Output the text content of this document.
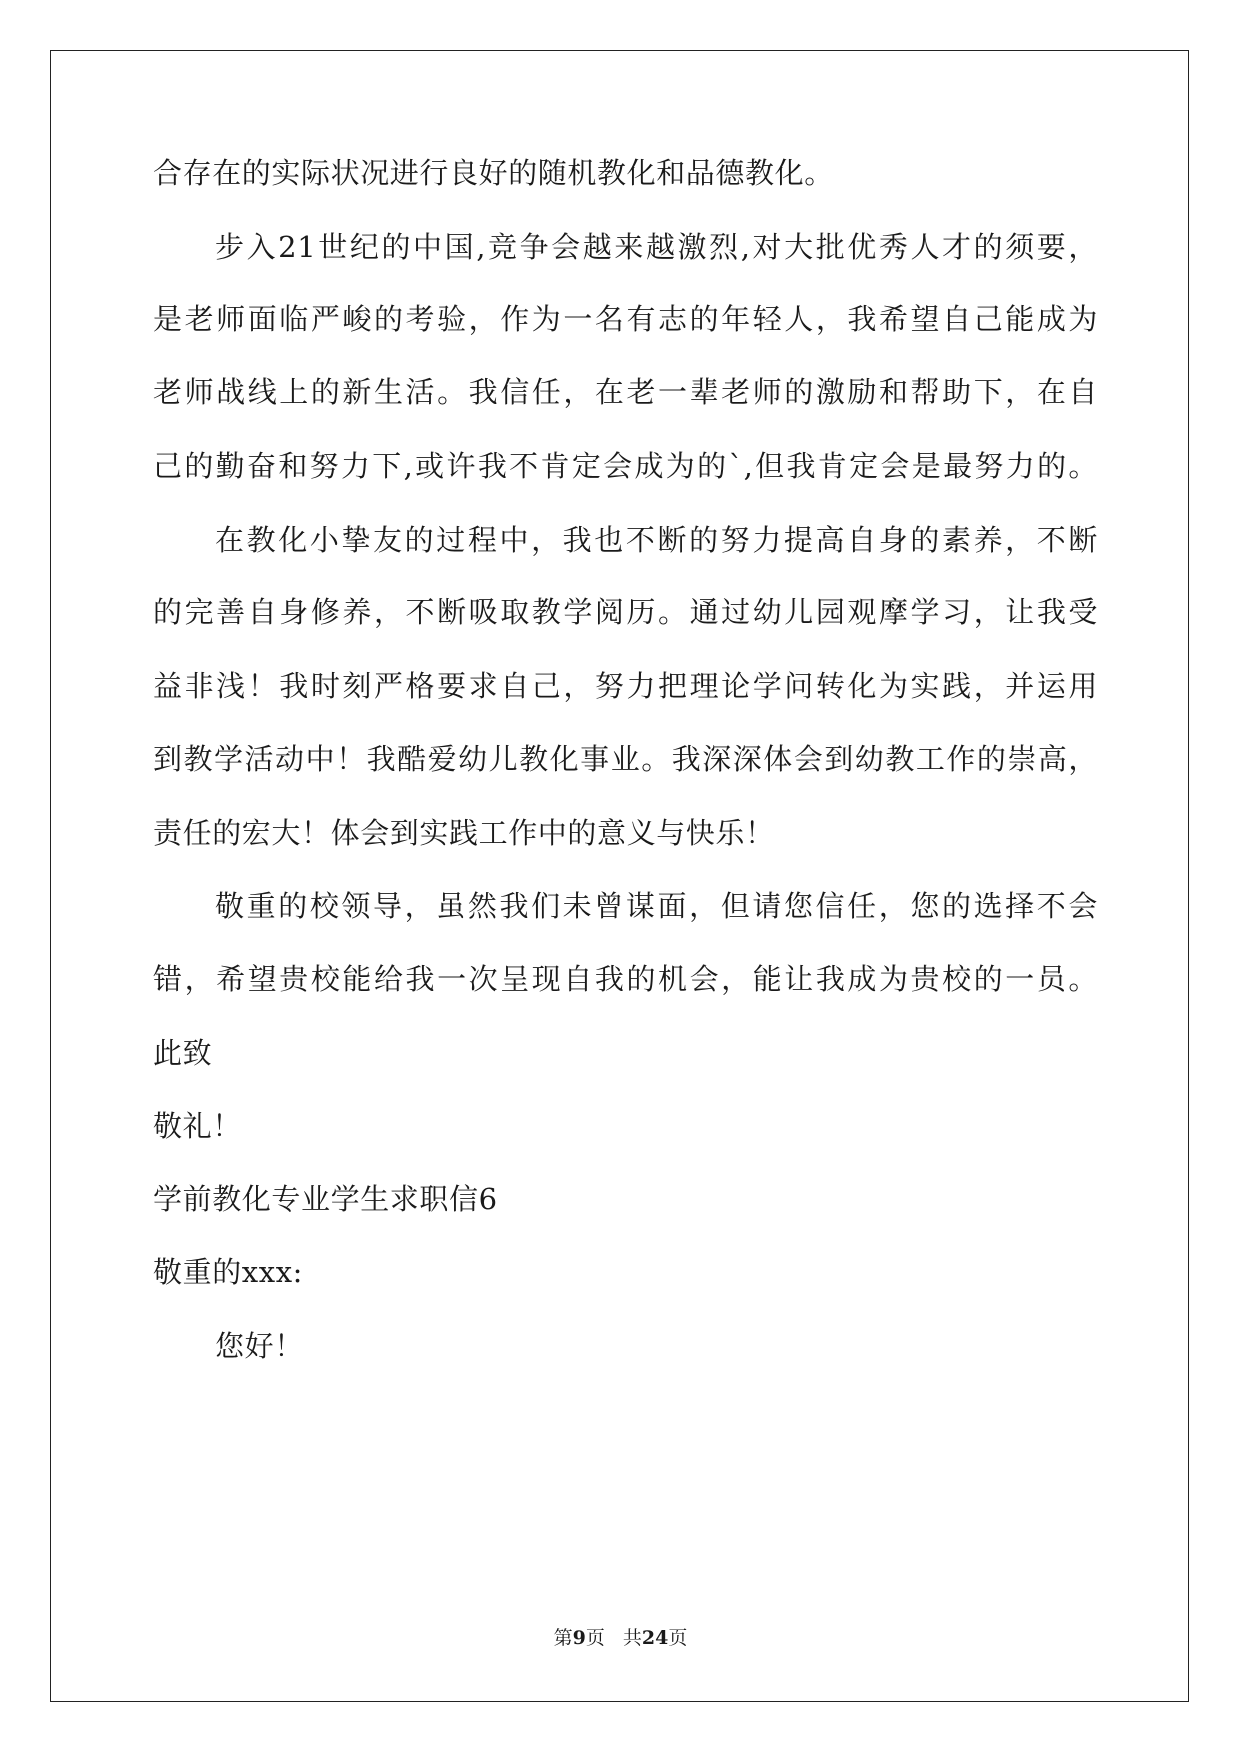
合存在的实际状况进行良好的随机教化和品德教化。
步入21世纪的中国,竞争会越来越激烈,对大批优秀人才的须要，
是老师面临严峻的考验，作为一名有志的年轻人，我希望自己能成为
老师战线上的新生活。我信任，在老一辈老师的激励和帮助下，在自
己的勤奋和努力下,或许我不肯定会成为的`,但我肯定会是最努力的。
在教化小挚友的过程中，我也不断的努力提高自身的素养，不断
的完善自身修养，不断吸取教学阅历。通过幼儿园观摩学习，让我受
益非浅！我时刻严格要求自己，努力把理论学问转化为实践，并运用
到教学活动中！我酷爱幼儿教化事业。我深深体会到幼教工作的崇高，
责任的宏大！体会到实践工作中的意义与快乐！
敬重的校领导，虽然我们未曾谋面，但请您信任，您的选择不会
错，希望贵校能给我一次呈现自我的机会，能让我成为贵校的一员。
此致
敬礼！
学前教化专业学生求职信6
敬重的xxx:
您好！
第9页 共24页
